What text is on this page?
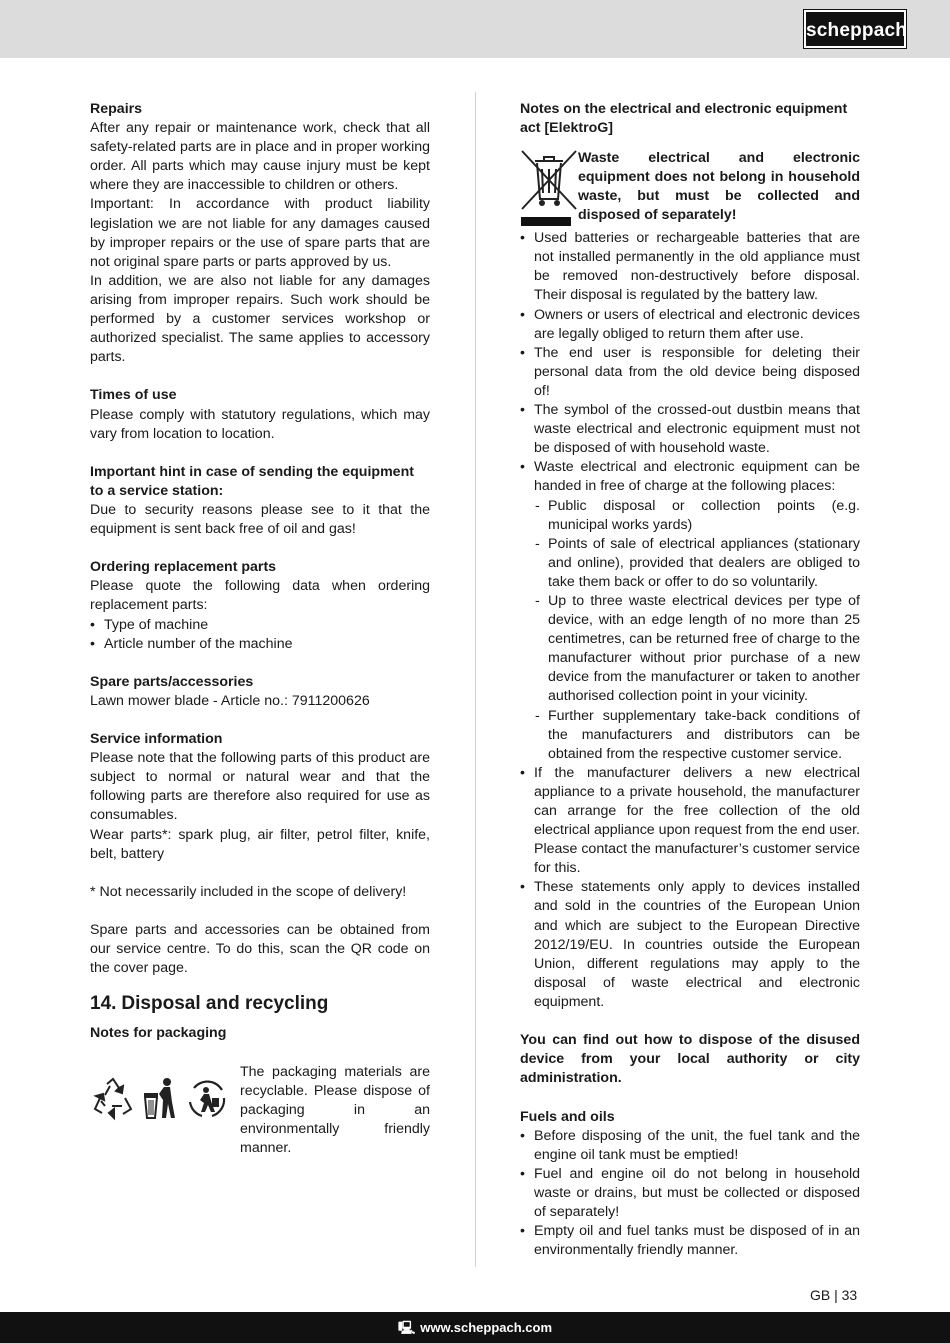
scheppach
Repairs

After any repair or maintenance work, check that all safety-related parts are in place and in proper working order. All parts which may cause injury must be kept where they are inaccessible to children or others.

Important: In accordance with product liability legislation we are not liable for any damages caused by improper repairs or the use of spare parts that are not original spare parts or parts approved by us.

In addition, we are also not liable for any damages arising from improper repairs. Such work should be performed by a customer services workshop or authorized specialist. The same applies to accessory parts.

Times of use

Please comply with statutory regulations, which may vary from location to location.

Important hint in case of sending the equipment to a service station:

Due to security reasons please see to it that the equipment is sent back free of oil and gas!

Ordering replacement parts

Please quote the following data when ordering replacement parts:

• Type of machine
• Article number of the machine
Spare parts/accessories

Lawn mower blade - Article no.: 7911200626

Service information

Please note that the following parts of this product are subject to normal or natural wear and that the following parts are therefore also required for use as consumables.

Wear parts*: spark plug, air filter, petrol filter, knife, belt, battery

* Not necessarily included in the scope of delivery!

Spare parts and accessories can be obtained from our service centre. To do this, scan the QR code on the cover page.

14. Disposal and recycling
Notes for packaging

The packaging materials are recyclable. Please dispose of packaging in an environmentally friendly manner.

Notes on the electrical and electronic equipment act [ElektroG]
Waste electrical and electronic equipment does not belong in household waste, but must be collected and disposed of separately!
• Used batteries or rechargeable batteries that are not installed permanently in the old appliance must be removed non-destructively before disposal. Their disposal is regulated by the battery law.
• Owners or users of electrical and electronic devices are legally obliged to return them after use.
• The end user is responsible for deleting their personal data from the old device being disposed of!
• The symbol of the crossed-out dustbin means that waste electrical and electronic equipment must not be disposed of with household waste.
• Waste electrical and electronic equipment can be handed in free of charge at the following places:
- Public disposal or collection points (e.g. municipal works yards)
- Points of sale of electrical appliances (stationary and online), provided that dealers are obliged to take them back or offer to do so voluntarily.
- Up to three waste electrical devices per type of device, with an edge length of no more than 25 centimetres, can be returned free of charge to the manufacturer without prior purchase of a new device from the manufacturer or taken to another authorised collection point in your vicinity.
- Further supplementary take-back conditions of the manufacturers and distributors can be obtained from the respective customer service.
• If the manufacturer delivers a new electrical appliance to a private household, the manufacturer can arrange for the free collection of the old electrical appliance upon request from the end user. Please contact the manufacturer’s customer service for this.
• These statements only apply to devices installed and sold in the countries of the European Union and which are subject to the European Directive 2012/19/EU. In countries outside the European Union, different regulations may apply to the disposal of waste electrical and electronic equipment.

You can find out how to dispose of the disused device from your local authority or city administration.

Fuels and oils
• Before disposing of the unit, the fuel tank and the engine oil tank must be emptied!
• Fuel and engine oil do not belong in household waste or drains, but must be collected or disposed of separately!
• Empty oil and fuel tanks must be disposed of in an environmentally friendly manner.
GB | 33
🖳︎ www.scheppach.com
